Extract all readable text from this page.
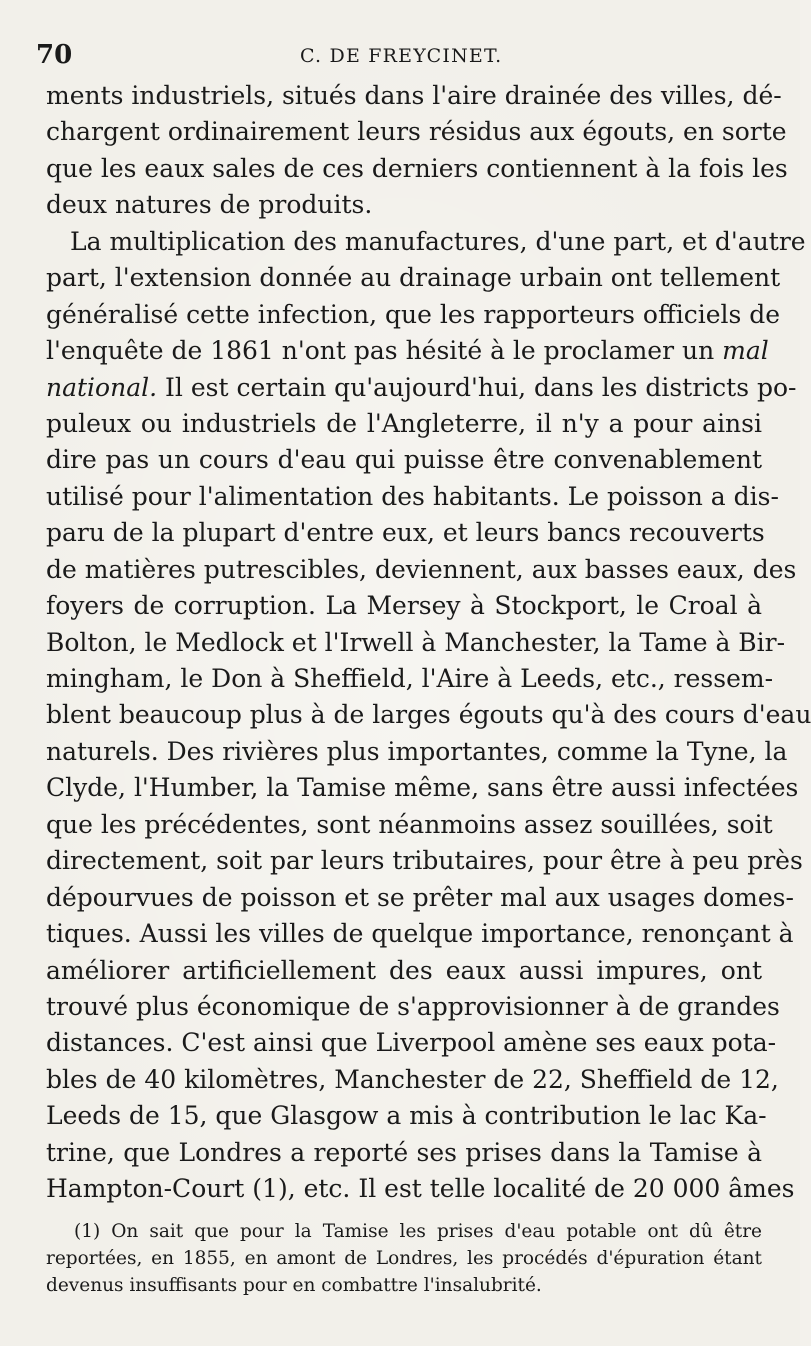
70	C. DE FREYCINET.
ments industriels, situés dans l'aire drainée des villes, dé-
chargent ordinairement leurs résidus aux égouts, en sorte
que les eaux sales de ces derniers contiennent à la fois les
deux natures de produits.
La multiplication des manufactures, d'une part, et d'autre
part, l'extension donnée au drainage urbain ont tellement
généralisé cette infection, que les rapporteurs officiels de
l'enquête de 1861 n'ont pas hésité à le proclamer un mal
national. Il est certain qu'aujourd'hui, dans les districts po-
puleux ou industriels de l'Angleterre, il n'y a pour ainsi
dire pas un cours d'eau qui puisse être convenablement
utilisé pour l'alimentation des habitants. Le poisson a dis-
paru de la plupart d'entre eux, et leurs bancs recouverts
de matières putrescibles, deviennent, aux basses eaux, des
foyers de corruption. La Mersey à Stockport, le Croal à
Bolton, le Medlock et l'Irwell à Manchester, la Tame à Bir-
mingham, le Don à Sheffield, l'Aire à Leeds, etc., ressem-
blent beaucoup plus à de larges égouts qu'à des cours d'eau
naturels. Des rivières plus importantes, comme la Tyne, la
Clyde, l'Humber, la Tamise même, sans être aussi infectées
que les précédentes, sont néanmoins assez souillées, soit
directement, soit par leurs tributaires, pour être à peu près
dépourvues de poisson et se prêter mal aux usages domes-
tiques. Aussi les villes de quelque importance, renonçant à
améliorer artificiellement des eaux aussi impures, ont
trouvé plus économique de s'approvisionner à de grandes
distances. C'est ainsi que Liverpool amène ses eaux pota-
bles de 40 kilomètres, Manchester de 22, Sheffield de 12,
Leeds de 15, que Glasgow a mis à contribution le lac Ka-
trine, que Londres a reporté ses prises dans la Tamise à
Hampton-Court (1), etc. Il est telle localité de 20 000 âmes
(1) On sait que pour la Tamise les prises d'eau potable ont dû être
reportées, en 1855, en amont de Londres, les procédés d'épuration étant
devenus insuffisants pour en combattre l'insalubrité.
